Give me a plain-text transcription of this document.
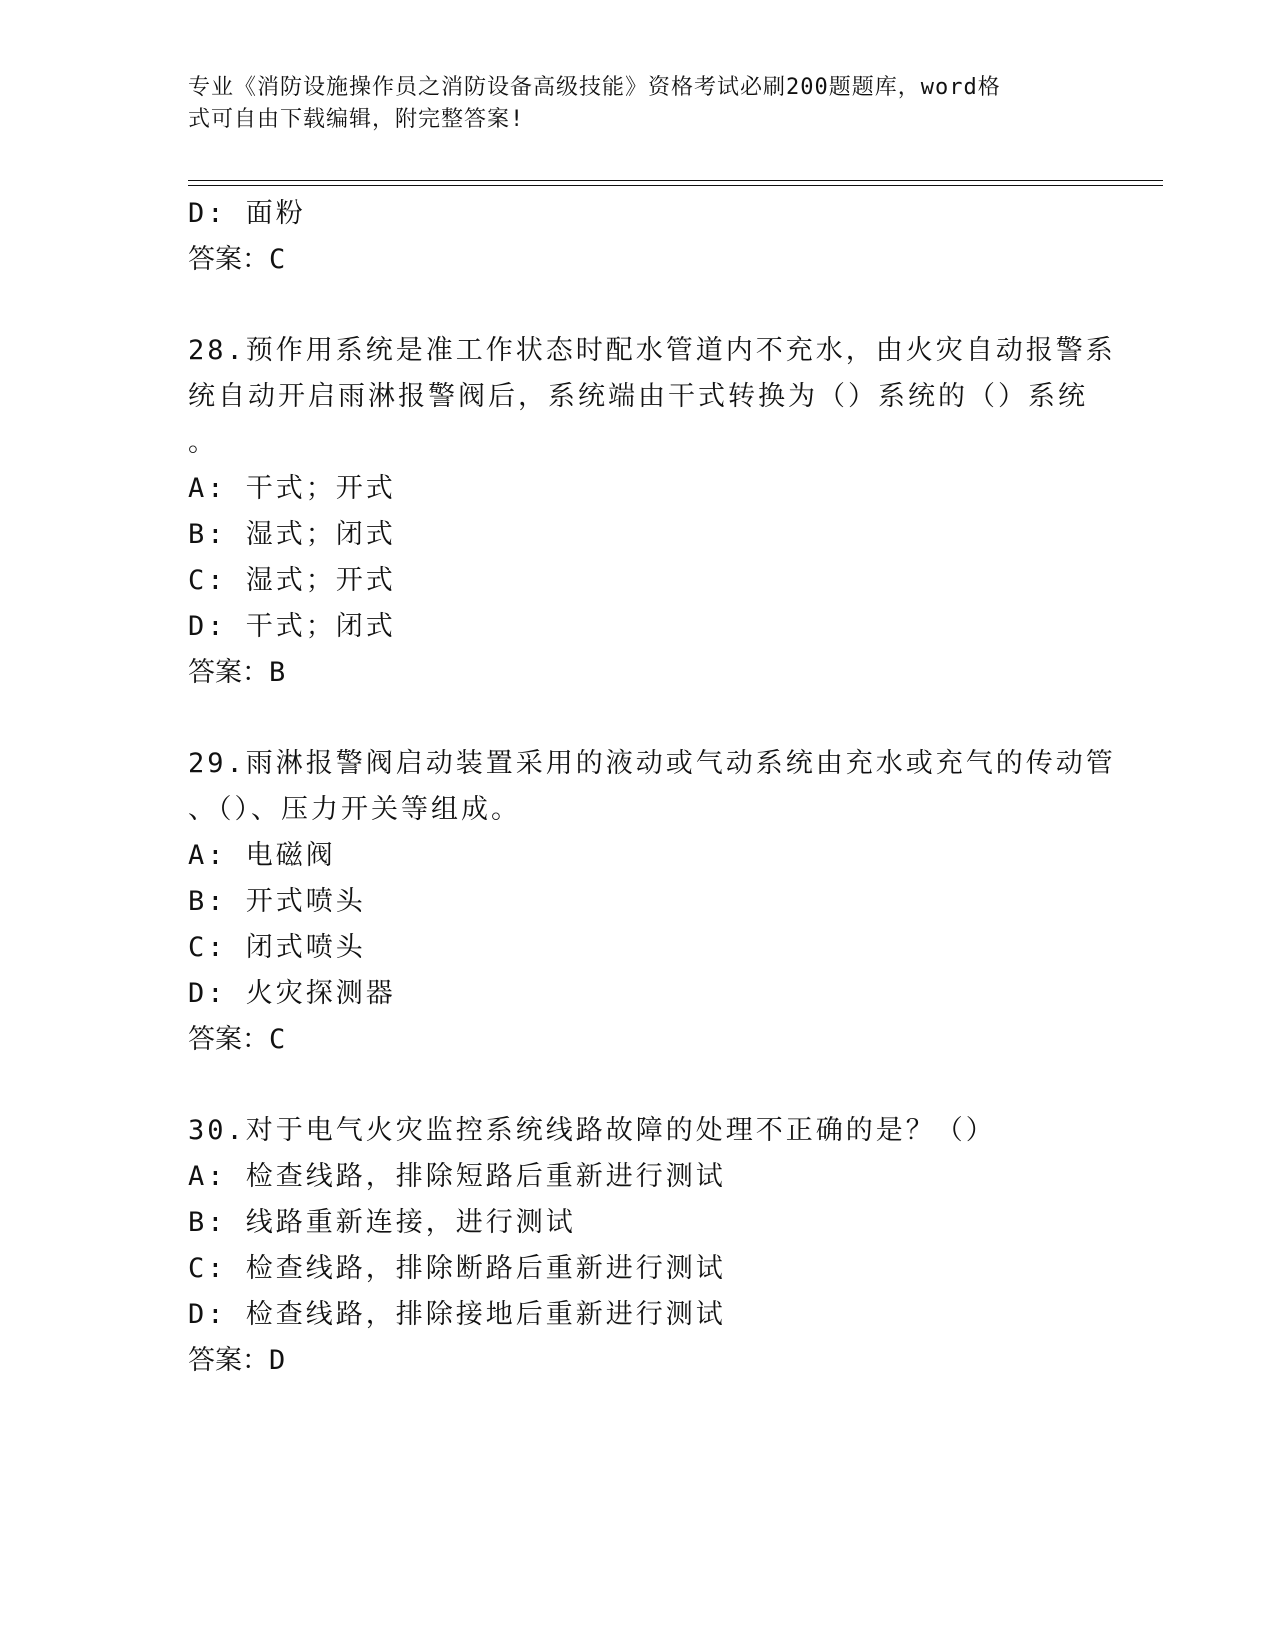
专业《消防设施操作员之消防设备高级技能》资格考试必刷200题题库，word格
式可自由下载编辑，附完整答案!
D: 面粉
答案：C
28.预作用系统是准工作状态时配水管道内不充水，由火灾自动报警系
统自动开启雨淋报警阀后，系统端由干式转换为（）系统的（）系统
。
A: 干式；开式
B: 湿式；闭式
C: 湿式；开式
D: 干式；闭式
答案：B
29.雨淋报警阀启动装置采用的液动或气动系统由充水或充气的传动管
、（）、压力开关等组成。
A: 电磁阀
B: 开式喷头
C: 闭式喷头
D: 火灾探测器
答案：C
30.对于电气火灾监控系统线路故障的处理不正确的是？（）
A: 检查线路，排除短路后重新进行测试
B: 线路重新连接，进行测试
C: 检查线路，排除断路后重新进行测试
D: 检查线路，排除接地后重新进行测试
答案：D
